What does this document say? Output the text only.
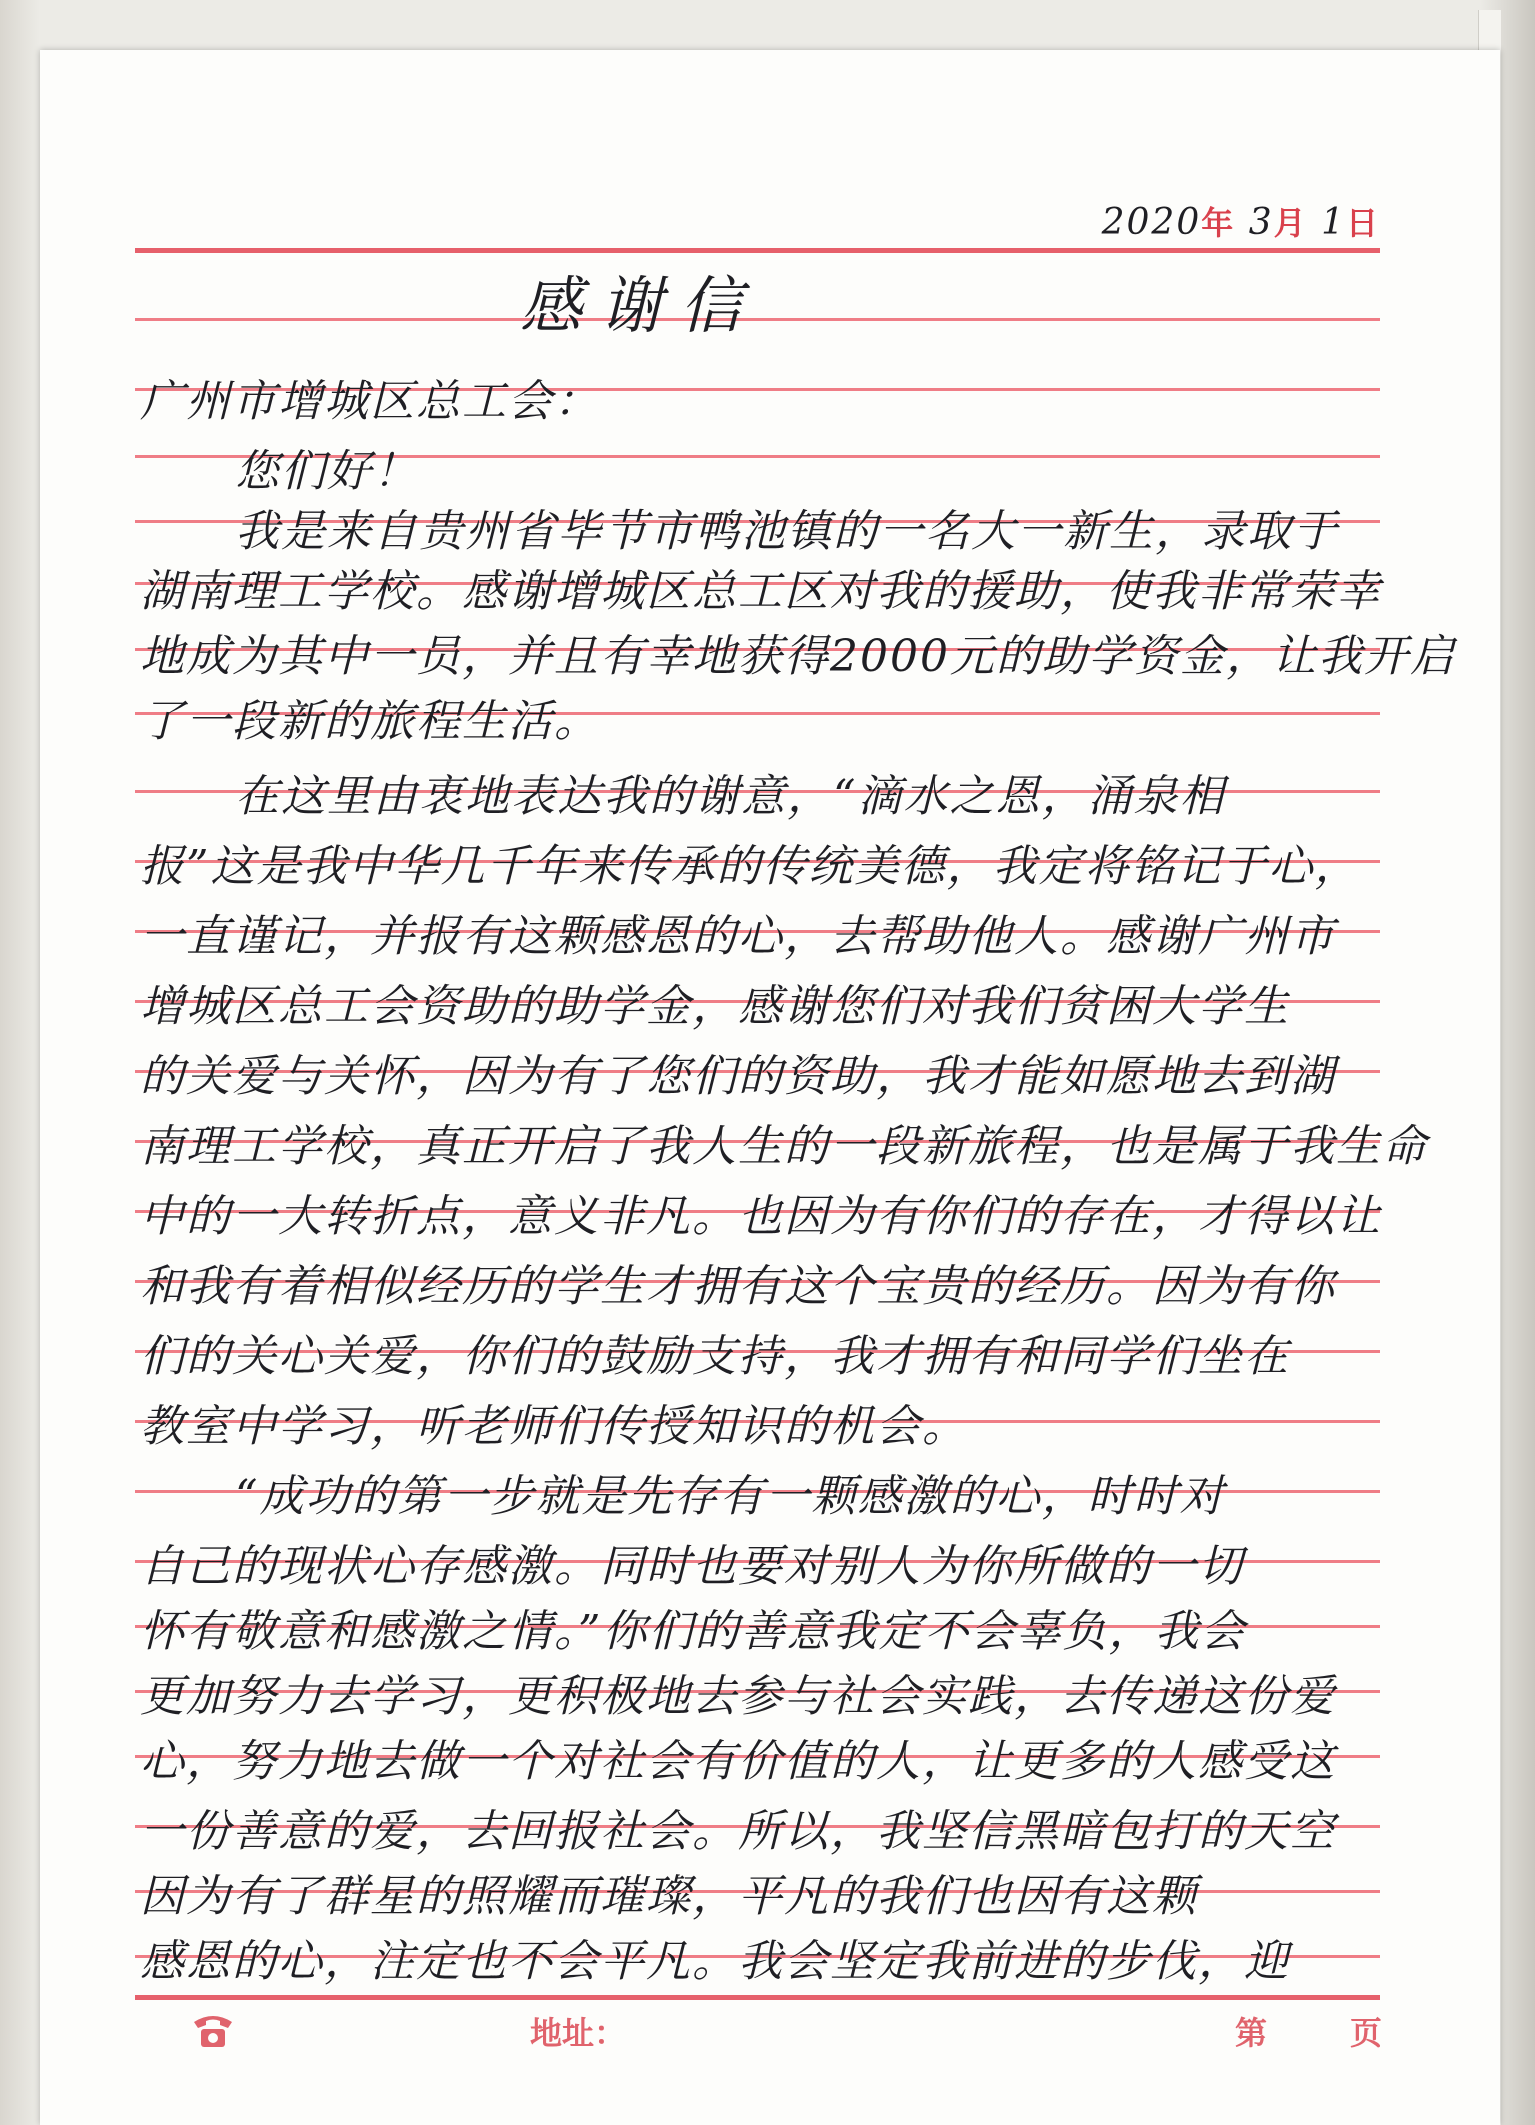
2020年 3月 1日
感谢信
广州市增城区总工会：
您们好！
我是来自贵州省毕节市鸭池镇的一名大一新生，录取于
湖南理工学校。感谢增城区总工区对我的援助，使我非常荣幸
地成为其中一员，并且有幸地获得2000元的助学资金，让我开启
了一段新的旅程生活。
在这里由衷地表达我的谢意，“滴水之恩，涌泉相
报”这是我中华几千年来传承的传统美德，我定将铭记于心，
一直谨记，并报有这颗感恩的心，去帮助他人。感谢广州市
增城区总工会资助的助学金，感谢您们对我们贫困大学生
的关爱与关怀，因为有了您们的资助，我才能如愿地去到湖
南理工学校，真正开启了我人生的一段新旅程，也是属于我生命
中的一大转折点，意义非凡。也因为有你们的存在，才得以让
和我有着相似经历的学生才拥有这个宝贵的经历。因为有你
们的关心关爱，你们的鼓励支持，我才拥有和同学们坐在
教室中学习，听老师们传授知识的机会。
“成功的第一步就是先存有一颗感激的心，时时对
自己的现状心存感激。同时也要对别人为你所做的一切
怀有敬意和感激之情。”你们的善意我定不会辜负，我会
更加努力去学习，更积极地去参与社会实践，去传递这份爱
心，努力地去做一个对社会有价值的人，让更多的人感受这
一份善意的爱，去回报社会。所以，我坚信黑暗包打的天空
因为有了群星的照耀而璀璨，平凡的我们也因有这颗
感恩的心，注定也不会平凡。我会坚定我前进的步伐，迎
地址：	第	页
